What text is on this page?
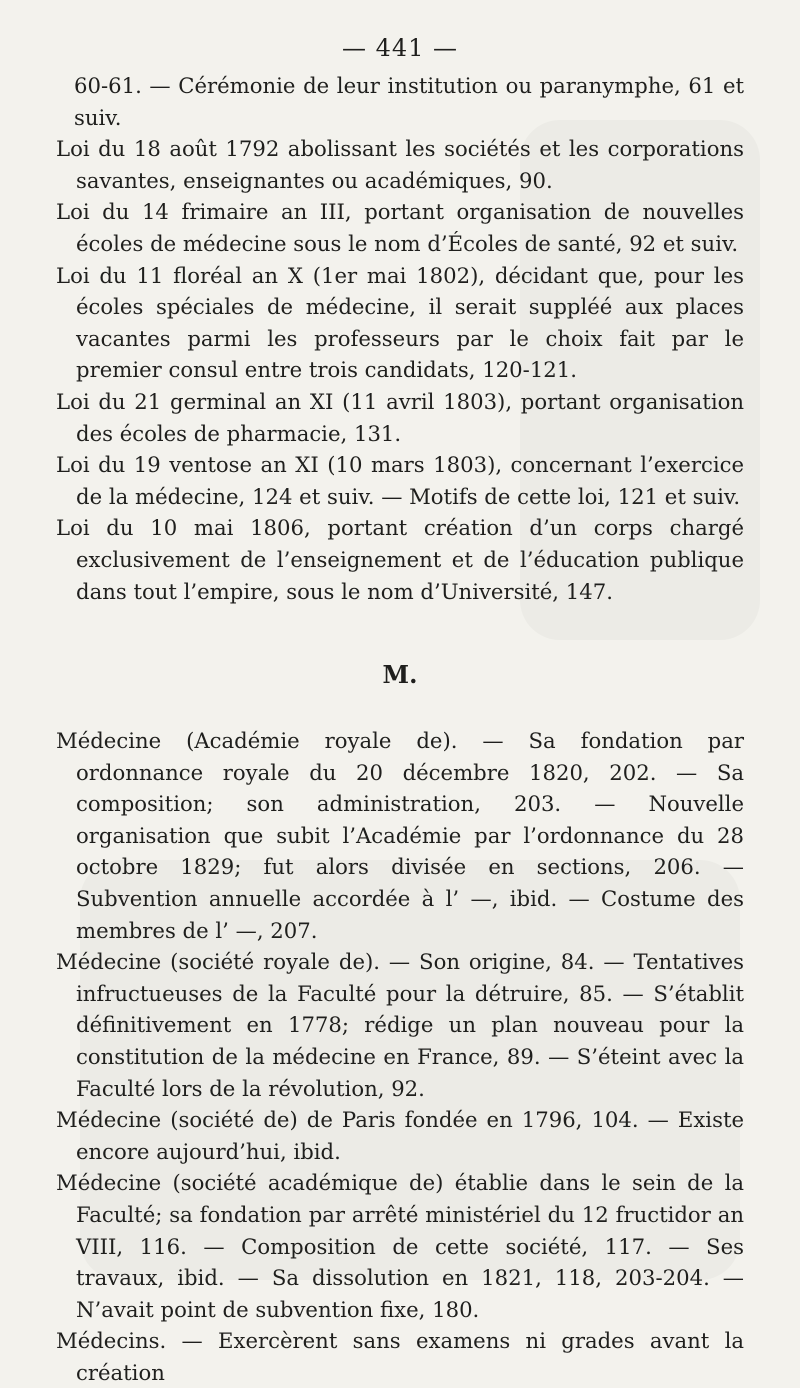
— 441 —

60-61. — Cérémonie de leur institution ou paranymphe, 61 et suiv.

Loi du 18 août 1792 abolissant les sociétés et les corporations savantes, enseignantes ou académiques, 90.

Loi du 14 frimaire an III, portant organisation de nouvelles écoles de médecine sous le nom d’Écoles de santé, 92 et suiv.

Loi du 11 floréal an X (1er mai 1802), décidant que, pour les écoles spéciales de médecine, il serait suppléé aux places vacantes parmi les professeurs par le choix fait par le premier consul entre trois candidats, 120-121.

Loi du 21 germinal an XI (11 avril 1803), portant organisation des écoles de pharmacie, 131.

Loi du 19 ventose an XI (10 mars 1803), concernant l’exercice de la médecine, 124 et suiv. — Motifs de cette loi, 121 et suiv.

Loi du 10 mai 1806, portant création d’un corps chargé exclusivement de l’enseignement et de l’éducation publique dans tout l’empire, sous le nom d’Université, 147.

M.

Médecine (Académie royale de). — Sa fondation par ordonnance royale du 20 décembre 1820, 202. — Sa composition; son administration, 203. — Nouvelle organisation que subit l’Académie par l’ordonnance du 28 octobre 1829; fut alors divisée en sections, 206. — Subvention annuelle accordée à l’ —, ibid. — Costume des membres de l’ —, 207.

Médecine (société royale de). — Son origine, 84. — Tentatives infructueuses de la Faculté pour la détruire, 85. — S’établit définitivement en 1778; rédige un plan nouveau pour la constitution de la médecine en France, 89. — S’éteint avec la Faculté lors de la révolution, 92.

Médecine (société de) de Paris fondée en 1796, 104. — Existe encore aujourd’hui, ibid.

Médecine (société académique de) établie dans le sein de la Faculté; sa fondation par arrêté ministériel du 12 fructidor an VIII, 116. — Composition de cette société, 117. — Ses travaux, ibid. — Sa dissolution en 1821, 118, 203-204. — N’avait point de subvention fixe, 180.

Médecins. — Exercèrent sans examens ni grades avant la création
